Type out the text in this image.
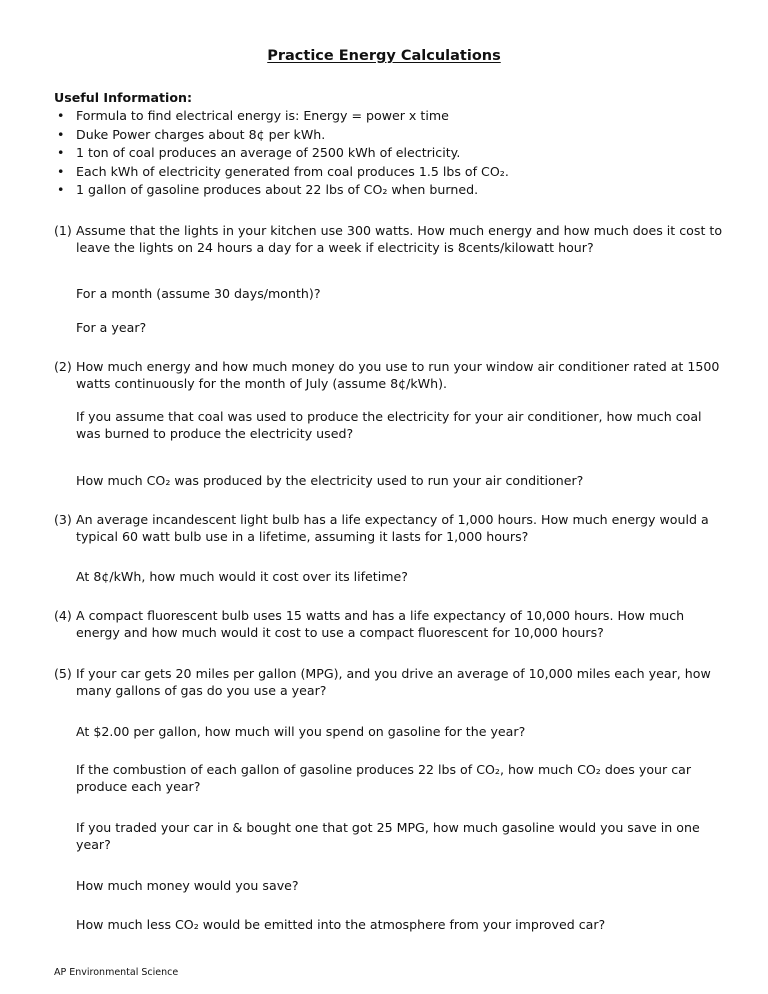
Practice Energy Calculations
Useful Information:
• Formula to find electrical energy is: Energy = power x time
• Duke Power charges about 8¢ per kWh.
• 1 ton of coal produces an average of 2500 kWh of electricity.
• Each kWh of electricity generated from coal produces 1.5 lbs of CO₂.
• 1 gallon of gasoline produces about 22 lbs of CO₂ when burned.
(1) Assume that the lights in your kitchen use 300 watts. How much energy and how much does it cost to leave the lights on 24 hours a day for a week if electricity is 8cents/kilowatt hour?
For a month (assume 30 days/month)?
For a year?
(2) How much energy and how much money do you use to run your window air conditioner rated at 1500 watts continuously for the month of July (assume 8¢/kWh).
If you assume that coal was used to produce the electricity for your air conditioner, how much coal was burned to produce the electricity used?
How much CO₂ was produced by the electricity used to run your air conditioner?
(3) An average incandescent light bulb has a life expectancy of 1,000 hours. How much energy would a typical 60 watt bulb use in a lifetime, assuming it lasts for 1,000 hours?
At 8¢/kWh, how much would it cost over its lifetime?
(4) A compact fluorescent bulb uses 15 watts and has a life expectancy of 10,000 hours. How much energy and how much would it cost to use a compact fluorescent for 10,000 hours?
(5) If your car gets 20 miles per gallon (MPG), and you drive an average of 10,000 miles each year, how many gallons of gas do you use a year?
At $2.00 per gallon, how much will you spend on gasoline for the year?
If the combustion of each gallon of gasoline produces 22 lbs of CO₂, how much CO₂ does your car produce each year?
If you traded your car in & bought one that got 25 MPG, how much gasoline would you save in one year?
How much money would you save?
How much less CO₂ would be emitted into the atmosphere from your improved car?
AP Environmental Science
